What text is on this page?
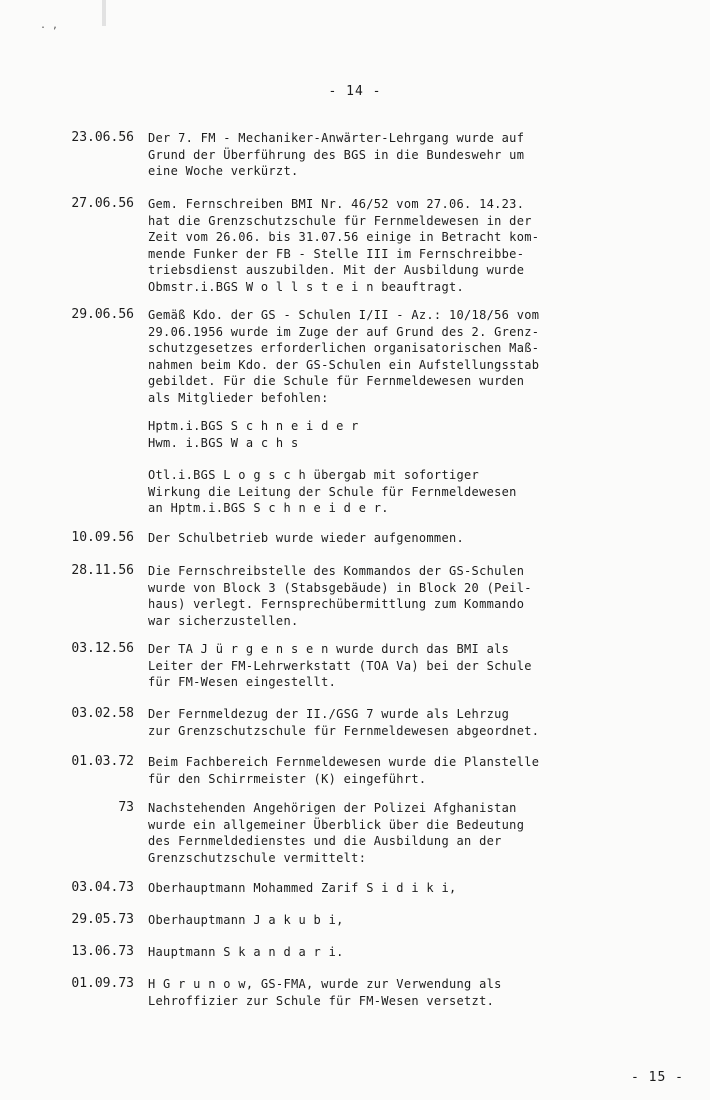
. ,
- 14 -
23.06.56 Der 7. FM - Mechaniker-Anwärter-Lehrgang wurde auf
Grund der Überführung des BGS in die Bundeswehr um
eine Woche verkürzt.
27.06.56 Gem. Fernschreiben BMI Nr. 46/52 vom 27.06. 14.23.
hat die Grenzschutzschule für Fernmeldewesen in der
Zeit vom 26.06. bis 31.07.56 einige in Betracht kom-
mende Funker der FB - Stelle III im Fernschreibbe-
triebsdienst auszubilden. Mit der Ausbildung wurde
Obmstr.i.BGS W o l l s t e i n beauftragt.
29.06.56 Gemäß Kdo. der GS - Schulen I/II - Az.: 10/18/56 vom
29.06.1956 wurde im Zuge der auf Grund des 2. Grenz-
schutzgesetzes erforderlichen organisatorischen Maß-
nahmen beim Kdo. der GS-Schulen ein Aufstellungsstab
gebildet. Für die Schule für Fernmeldewesen wurden
als Mitglieder befohlen:
Hptm.i.BGS S c h n e i d e r
Hwm. i.BGS W a c h s
Otl.i.BGS L o g s c h übergab mit sofortiger
Wirkung die Leitung der Schule für Fernmeldewesen
an Hptm.i.BGS S c h n e i d e r.
10.09.56 Der Schulbetrieb wurde wieder aufgenommen.
28.11.56 Die Fernschreibstelle des Kommandos der GS-Schulen
wurde von Block 3 (Stabsgebäude) in Block 20 (Peil-
haus) verlegt. Fernsprechübermittlung zum Kommando
war sicherzustellen.
03.12.56 Der TA J ü r g e n s e n wurde durch das BMI als
Leiter der FM-Lehrwerkstatt (TOA Va) bei der Schule
für FM-Wesen eingestellt.
03.02.58 Der Fernmeldezug der II./GSG 7 wurde als Lehrzug
zur Grenzschutzschule für Fernmeldewesen abgeordnet.
01.03.72 Beim Fachbereich Fernmeldewesen wurde die Planstelle
für den Schirrmeister (K) eingeführt.
73 Nachstehenden Angehörigen der Polizei Afghanistan
wurde ein allgemeiner Überblick über die Bedeutung
des Fernmeldedienstes und die Ausbildung an der
Grenzschutzschule vermittelt:
03.04.73 Oberhauptmann Mohammed Zarif S i d i k i,
29.05.73 Oberhauptmann J a k u b i,
13.06.73 Hauptmann S k a n d a r i.
01.09.73 H G r u n o w, GS-FMA, wurde zur Verwendung als
Lehroffizier zur Schule für FM-Wesen versetzt.
- 15 -
